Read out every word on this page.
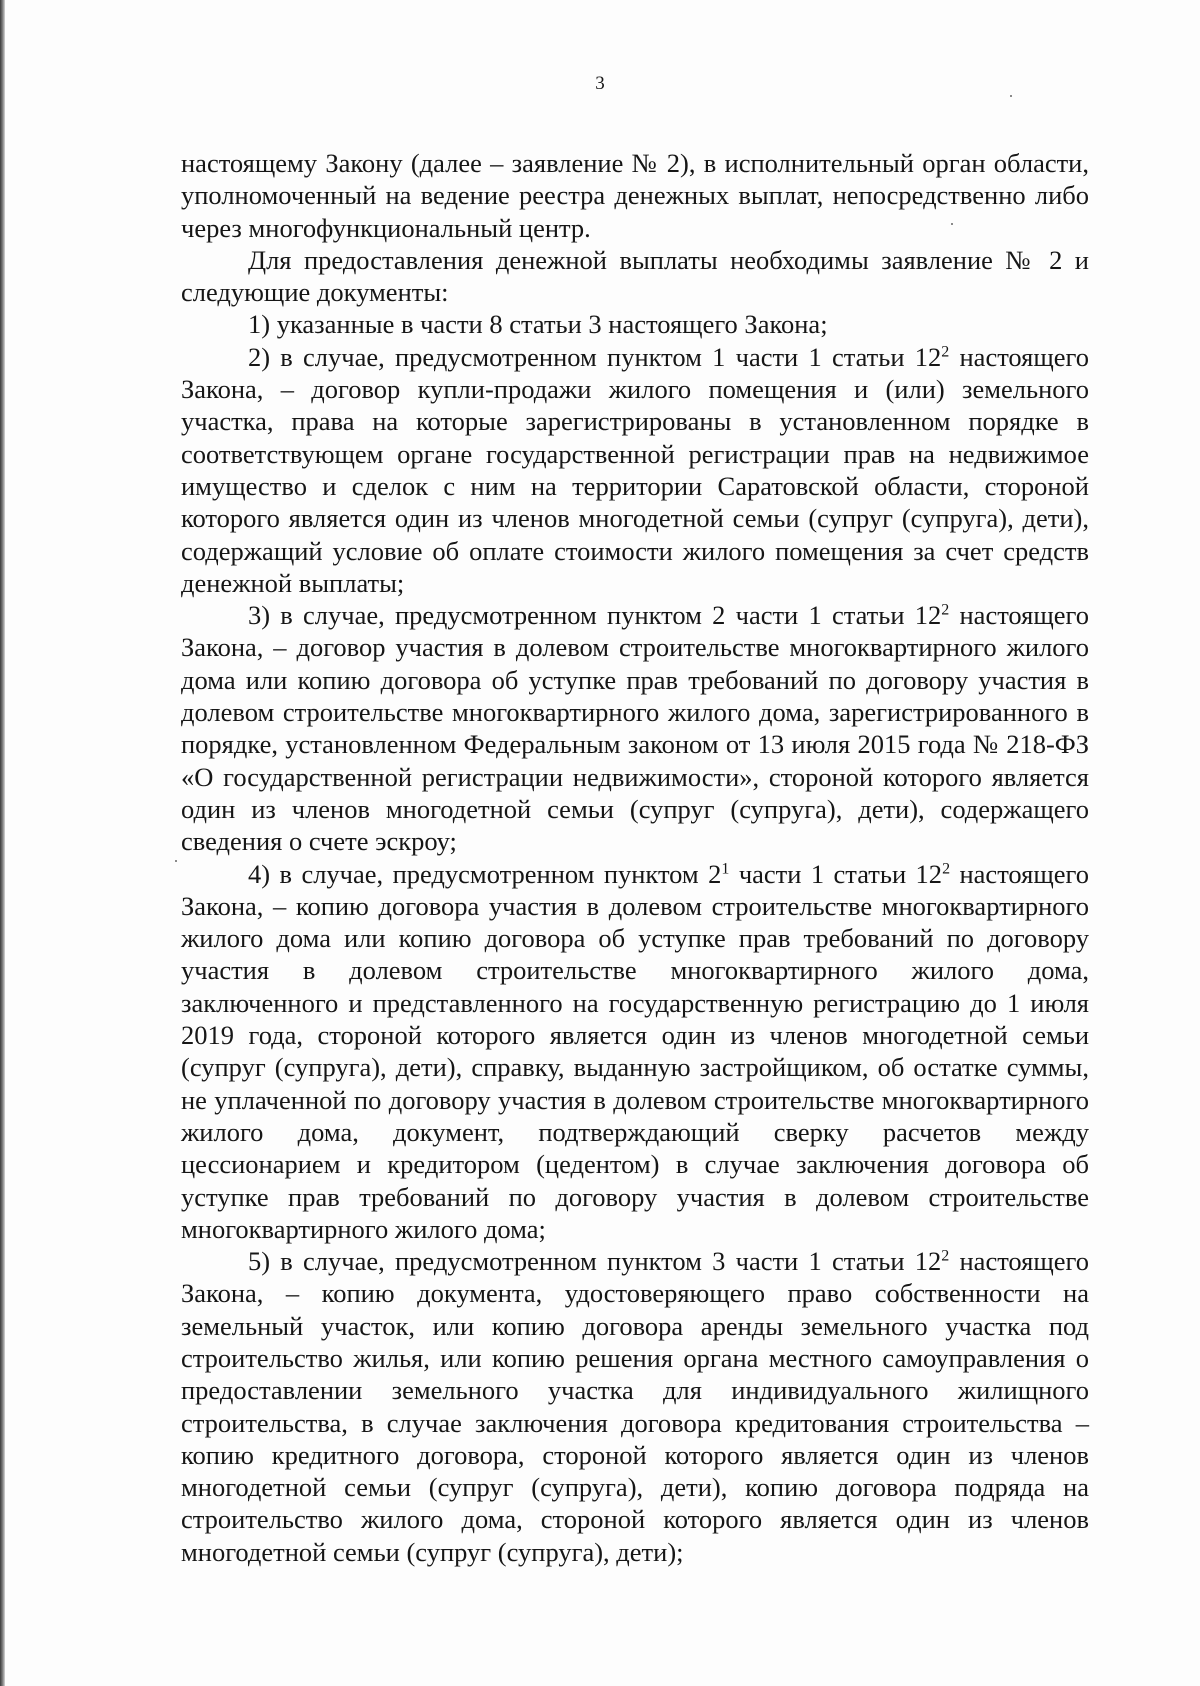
3

настоящему Закону (далее – заявление № 2), в исполнительный орган области, уполномоченный на ведение реестра денежных выплат, непосредственно либо через многофункциональный центр.

Для предоставления денежной выплаты необходимы заявление № 2 и следующие документы:

1) указанные в части 8 статьи 3 настоящего Закона;

2) в случае, предусмотренном пунктом 1 части 1 статьи $12^2$ настоящего Закона, – договор купли-продажи жилого помещения и (или) земельного участка, права на которые зарегистрированы в установленном порядке в соответствующем органе государственной регистрации прав на недвижимое имущество и сделок с ним на территории Саратовской области, стороной которого является один из членов многодетной семьи (супруг (супруга), дети), содержащий условие об оплате стоимости жилого помещения за счет средств денежной выплаты;

3) в случае, предусмотренном пунктом 2 части 1 статьи $12^2$ настоящего Закона, – договор участия в долевом строительстве многоквартирного жилого дома или копию договора об уступке прав требований по договору участия в долевом строительстве многоквартирного жилого дома, зарегистрированного в порядке, установленном Федеральным законом от 13 июля 2015 года № 218-ФЗ «О государственной регистрации недвижимости», стороной которого является один из членов многодетной семьи (супруг (супруга), дети), содержащего сведения о счете эскроу;

4) в случае, предусмотренном пунктом $2^1$ части 1 статьи $12^2$ настоящего Закона, – копию договора участия в долевом строительстве многоквартирного жилого дома или копию договора об уступке прав требований по договору участия в долевом строительстве многоквартирного жилого дома, заключенного и представленного на государственную регистрацию до 1 июля 2019 года, стороной которого является один из членов многодетной семьи (супруг (супруга), дети), справку, выданную застройщиком, об остатке суммы, не уплаченной по договору участия в долевом строительстве многоквартирного жилого дома, документ, подтверждающий сверку расчетов между цессионарием и кредитором (цедентом) в случае заключения договора об уступке прав требований по договору участия в долевом строительстве многоквартирного жилого дома;

5) в случае, предусмотренном пунктом 3 части 1 статьи $12^2$ настоящего Закона, – копию документа, удостоверяющего право собственности на земельный участок, или копию договора аренды земельного участка под строительство жилья, или копию решения органа местного самоуправления о предоставлении земельного участка для индивидуального жилищного строительства, в случае заключения договора кредитования строительства – копию кредитного договора, стороной которого является один из членов многодетной семьи (супруг (супруга), дети), копию договора подряда на строительство жилого дома, стороной которого является один из членов многодетной семьи (супруг (супруга), дети);
